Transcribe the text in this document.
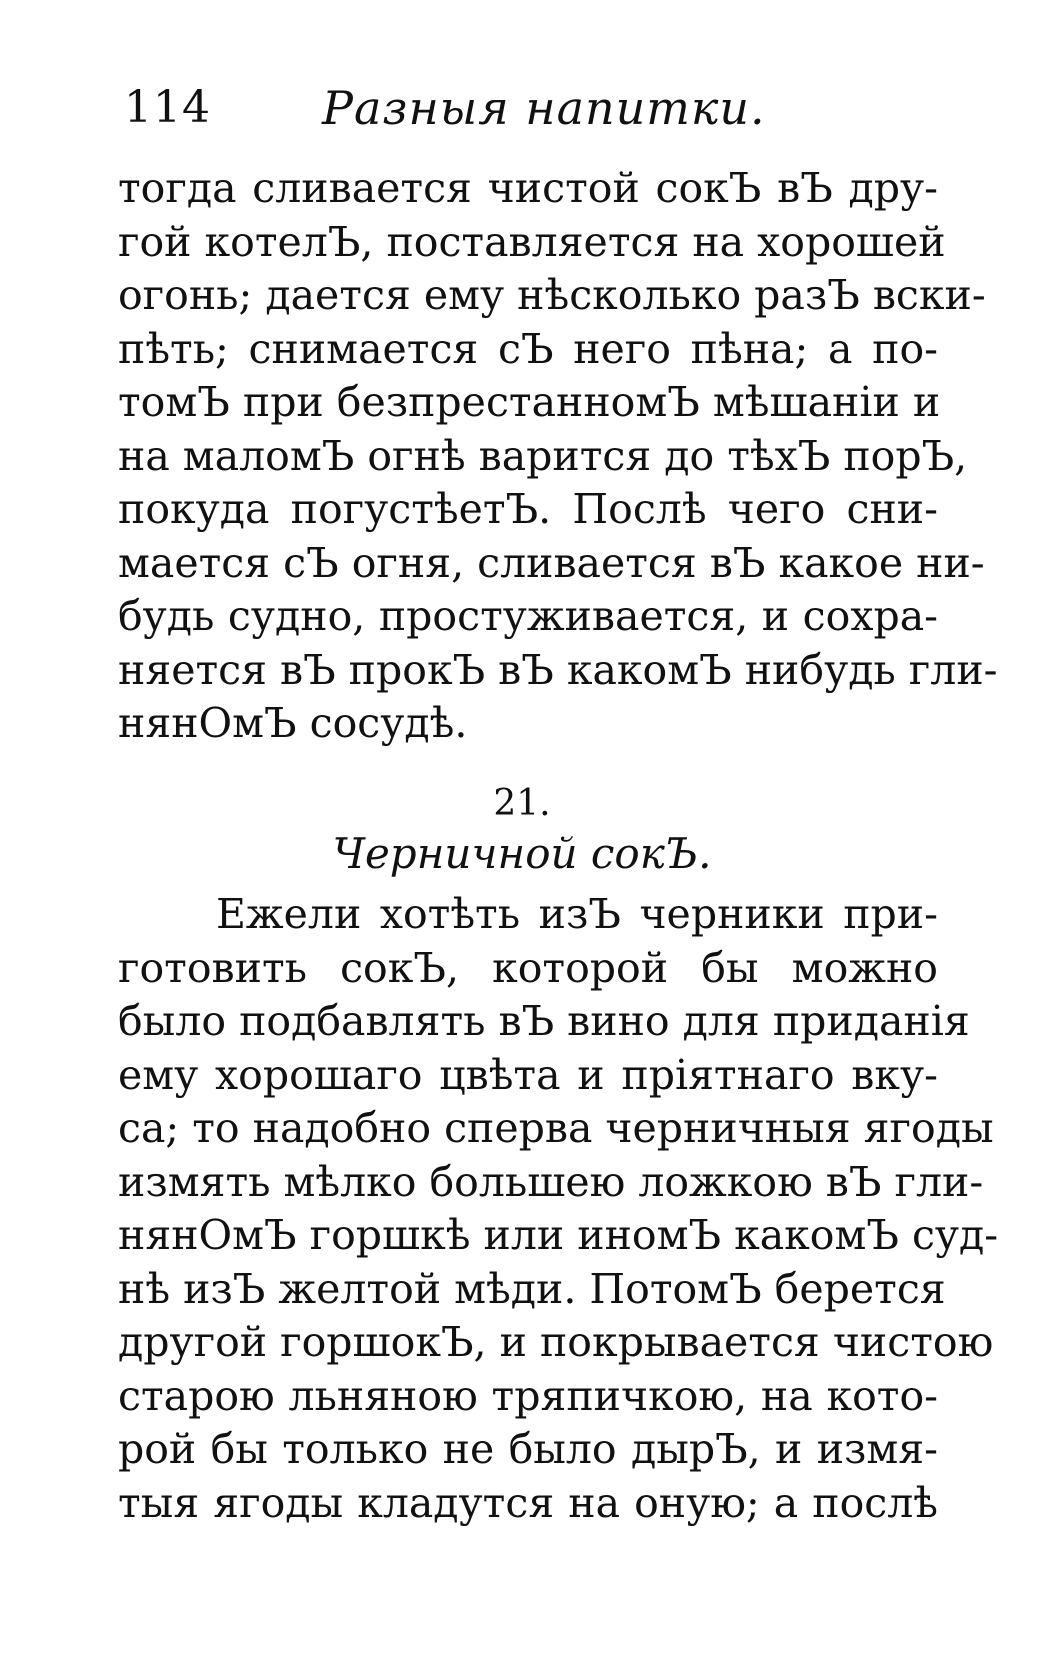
114 Разныя напитки.
тогда сливается чистой сокЪ вЪ дру-
гой котелЪ, поставляется на хорошей
огонь; дается ему нѣсколько разЪ вски-
пѣть; снимается сЪ него пѣна; а по-
томЪ при безпрестанномЪ мѣшаніи и
на маломЪ огнѣ варится до тѣхЪ порЪ,
покуда погустѣетЪ. Послѣ чего сни-
мается сЪ огня, сливается вЪ какое ни-
будь судно, простуживается, и сохра-
няется вЪ прокЪ вЪ какомЪ нибудь гли-
нянОмЪ сосудѣ.
21.
Черничной сокЪ.
Ежели хотѣть изЪ черники при-
готовить сокЪ, которой бы можно
было подбавлять вЪ вино для приданія
ему хорошаго цвѣта и пріятнаго вку-
са; то надобно сперва черничныя ягоды
измять мѣлко большею ложкою вЪ гли-
нянОмЪ горшкѣ или иномЪ какомЪ суд-
нѣ изЪ желтой мѣди. ПотомЪ берется
другой горшокЪ, и покрывается чистою
старою льняною тряпичкою, на кото-
рой бы только не было дырЪ, и измя-
тыя ягоды кладутся на оную; а послѣ
